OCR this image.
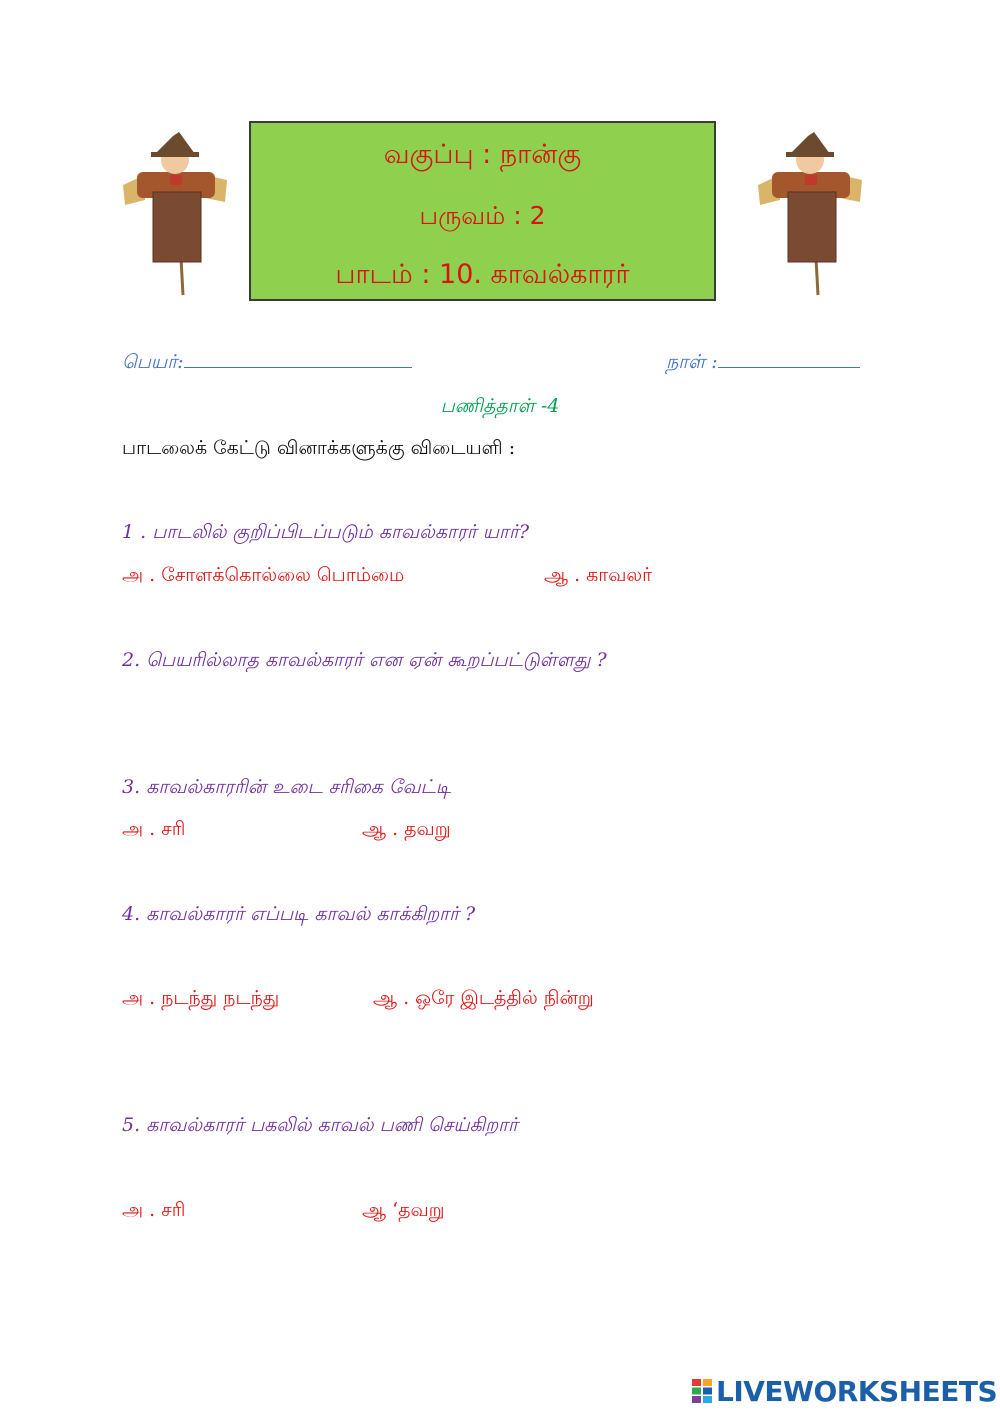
வகுப்பு : நான்கு
பருவம் : 2
பாடம் : 10. காவல்காரர்
பெயர்:	நாள் :
பணித்தாள் -4
பாடலைக் கேட்டு வினாக்களுக்கு விடையளி :
1 . பாடலில் குறிப்பிடப்படும் காவல்காரர் யார்?
அ . சோளக்கொல்லை பொம்மை	ஆ . காவலர்
2. பெயரில்லாத காவல்காரர் என ஏன் கூறப்பட்டுள்ளது ?
3. காவல்காரரின் உடை சரிகை வேட்டி
அ . சரி	ஆ . தவறு
4. காவல்காரர் எப்படி காவல் காக்கிறார் ?
அ . நடந்து நடந்து	ஆ . ஒரே இடத்தில் நின்று
5. காவல்காரர் பகலில் காவல் பணி செய்கிறார்
அ . சரி	ஆ ‘தவறு
LIVEWORKSHEETS
